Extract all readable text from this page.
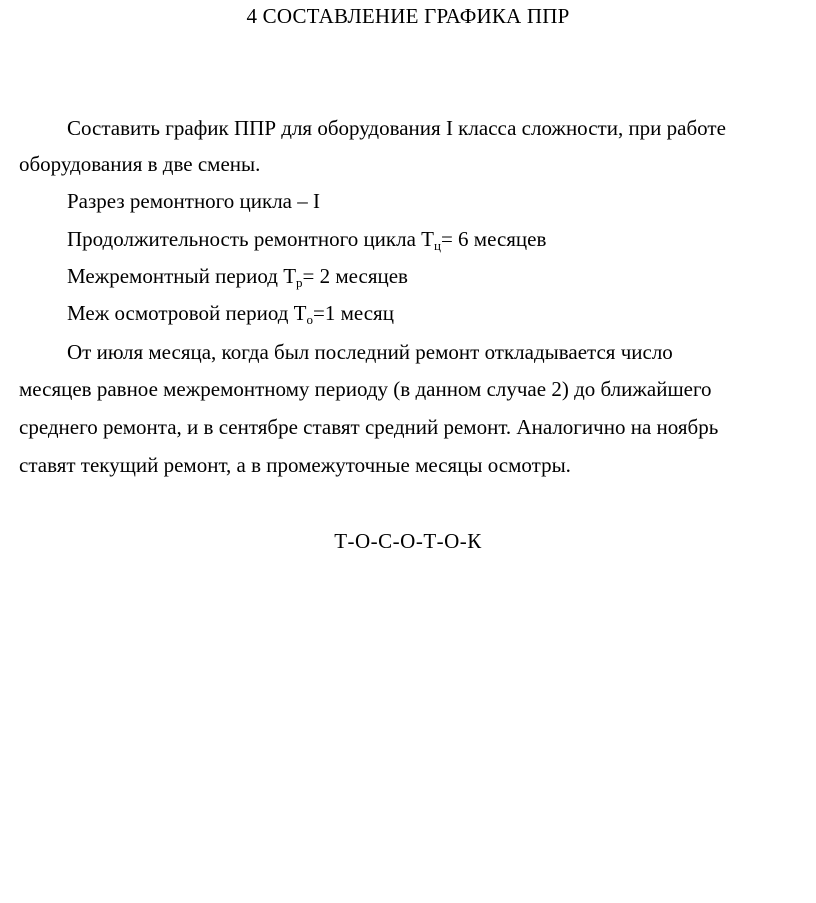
4 СОСТАВЛЕНИЕ ГРАФИКА ППР
Составить график ППР для оборудования I класса сложности, при работе
оборудования в две смены.
Разрез ремонтного цикла – I
Продолжительность ремонтного цикла $Т_ц= 6$ месяцев
Межремонтный период $Т_р= 2$ месяцев
Меж осмотровой период $Т_о=1$ месяц
От июля месяца, когда был последний ремонт откладывается число
месяцев равное межремонтному периоду (в данном случае 2) до ближайшего
среднего ремонта, и в сентябре ставят средний ремонт. Аналогично на ноябрь
ставят текущий ремонт, а в промежуточные месяцы осмотры.
Т-О-С-О-Т-О-К
